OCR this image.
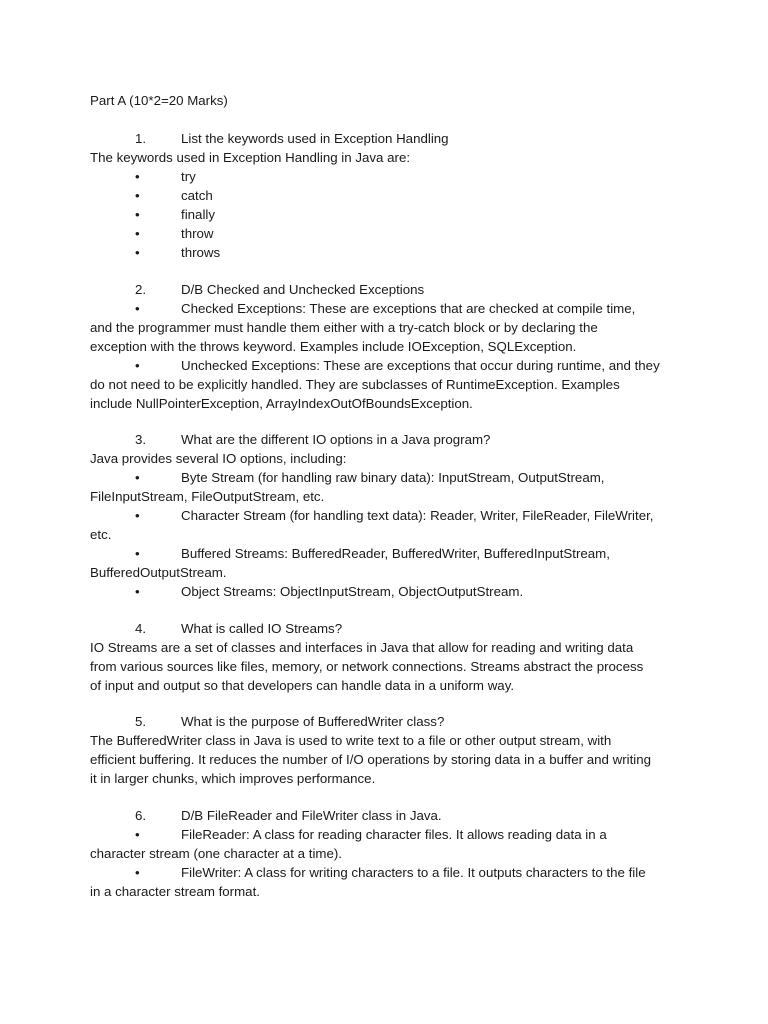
Part A (10*2=20 Marks)
1.	List the keywords used in Exception Handling
The keywords used in Exception Handling in Java are:
•	try
•	catch
•	finally
•	throw
•	throws
2.	D/B Checked and Unchecked Exceptions
•	Checked Exceptions: These are exceptions that are checked at compile time,
and the programmer must handle them either with a try-catch block or by declaring the
exception with the throws keyword. Examples include IOException, SQLException.
•	Unchecked Exceptions: These are exceptions that occur during runtime, and they
do not need to be explicitly handled. They are subclasses of RuntimeException. Examples
include NullPointerException, ArrayIndexOutOfBoundsException.
3.	What are the different IO options in a Java program?
Java provides several IO options, including:
•	Byte Stream (for handling raw binary data): InputStream, OutputStream,
FileInputStream, FileOutputStream, etc.
•	Character Stream (for handling text data): Reader, Writer, FileReader, FileWriter,
etc.
•	Buffered Streams: BufferedReader, BufferedWriter, BufferedInputStream,
BufferedOutputStream.
•	Object Streams: ObjectInputStream, ObjectOutputStream.
4.	What is called IO Streams?
IO Streams are a set of classes and interfaces in Java that allow for reading and writing data
from various sources like files, memory, or network connections. Streams abstract the process
of input and output so that developers can handle data in a uniform way.
5.	What is the purpose of BufferedWriter class?
The BufferedWriter class in Java is used to write text to a file or other output stream, with
efficient buffering. It reduces the number of I/O operations by storing data in a buffer and writing
it in larger chunks, which improves performance.
6.	D/B FileReader and FileWriter class in Java.
•	FileReader: A class for reading character files. It allows reading data in a
character stream (one character at a time).
•	FileWriter: A class for writing characters to a file. It outputs characters to the file
in a character stream format.
